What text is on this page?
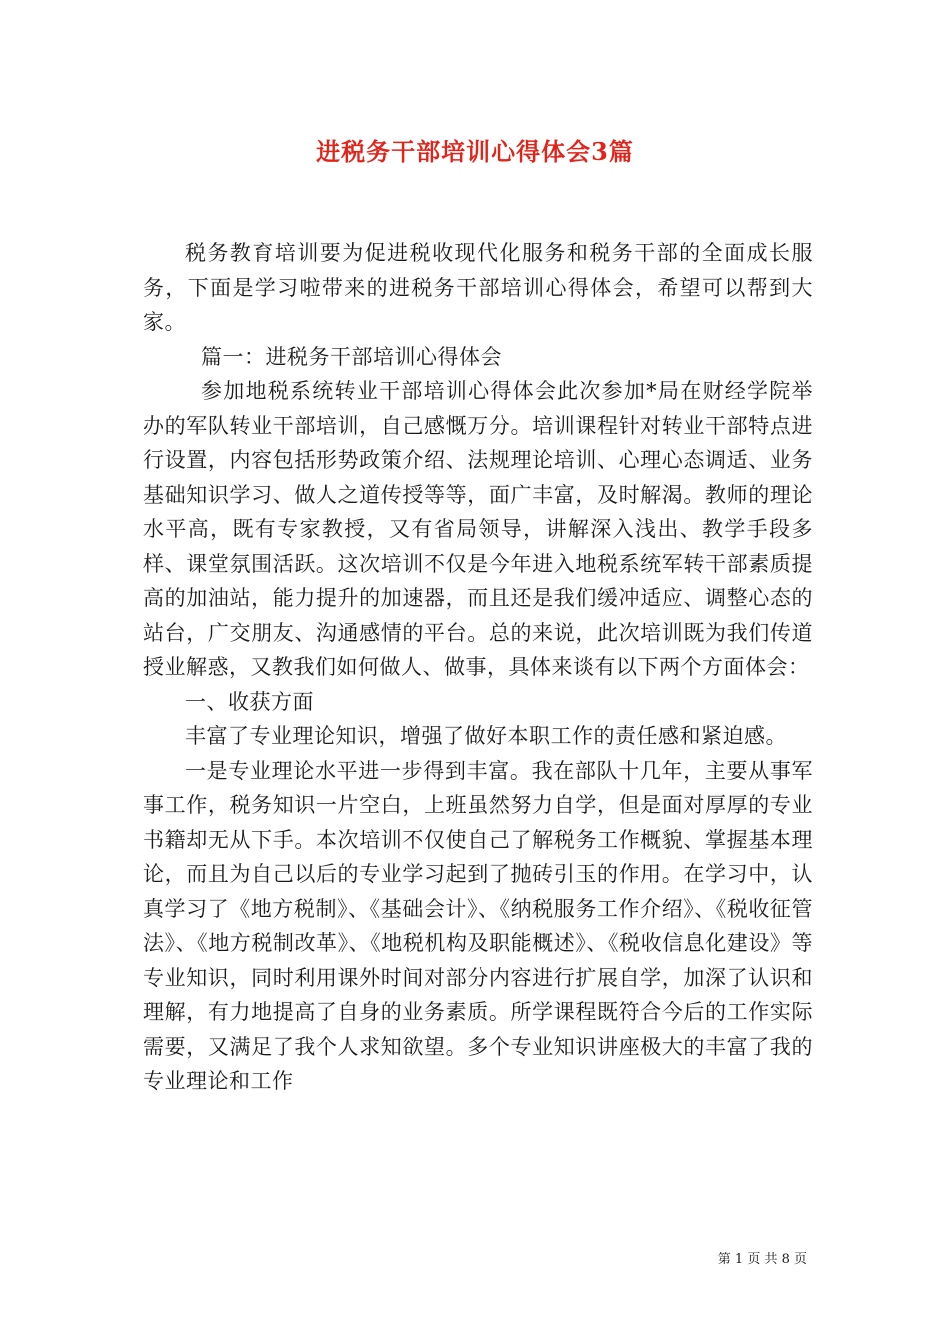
进税务干部培训心得体会3篇

税务教育培训要为促进税收现代化服务和税务干部的全面成长服务，下面是学习啦带来的进税务干部培训心得体会，希望可以帮到大家。

篇一：进税务干部培训心得体会

参加地税系统转业干部培训心得体会此次参加*局在财经学院举办的军队转业干部培训，自己感慨万分。培训课程针对转业干部特点进行设置，内容包括形势政策介绍、法规理论培训、心理心态调适、业务基础知识学习、做人之道传授等等，面广丰富，及时解渴。教师的理论水平高，既有专家教授，又有省局领导，讲解深入浅出、教学手段多样、课堂氛围活跃。这次培训不仅是今年进入地税系统军转干部素质提高的加油站，能力提升的加速器，而且还是我们缓冲适应、调整心态的站台，广交朋友、沟通感情的平台。总的来说，此次培训既为我们传道授业解惑，又教我们如何做人、做事，具体来谈有以下两个方面体会：

一、收获方面

丰富了专业理论知识，增强了做好本职工作的责任感和紧迫感。

一是专业理论水平进一步得到丰富。我在部队十几年，主要从事军事工作，税务知识一片空白，上班虽然努力自学，但是面对厚厚的专业书籍却无从下手。本次培训不仅使自己了解税务工作概貌、掌握基本理论，而且为自己以后的专业学习起到了抛砖引玉的作用。在学习中，认真学习了《地方税制》、《基础会计》、《纳税服务工作介绍》、《税收征管法》、《地方税制改革》、《地税机构及职能概述》、《税收信息化建设》等专业知识，同时利用课外时间对部分内容进行扩展自学，加深了认识和理解，有力地提高了自身的业务素质。所学课程既符合今后的工作实际需要，又满足了我个人求知欲望。多个专业知识讲座极大的丰富了我的专业理论和工作

第 1 页 共 8 页
